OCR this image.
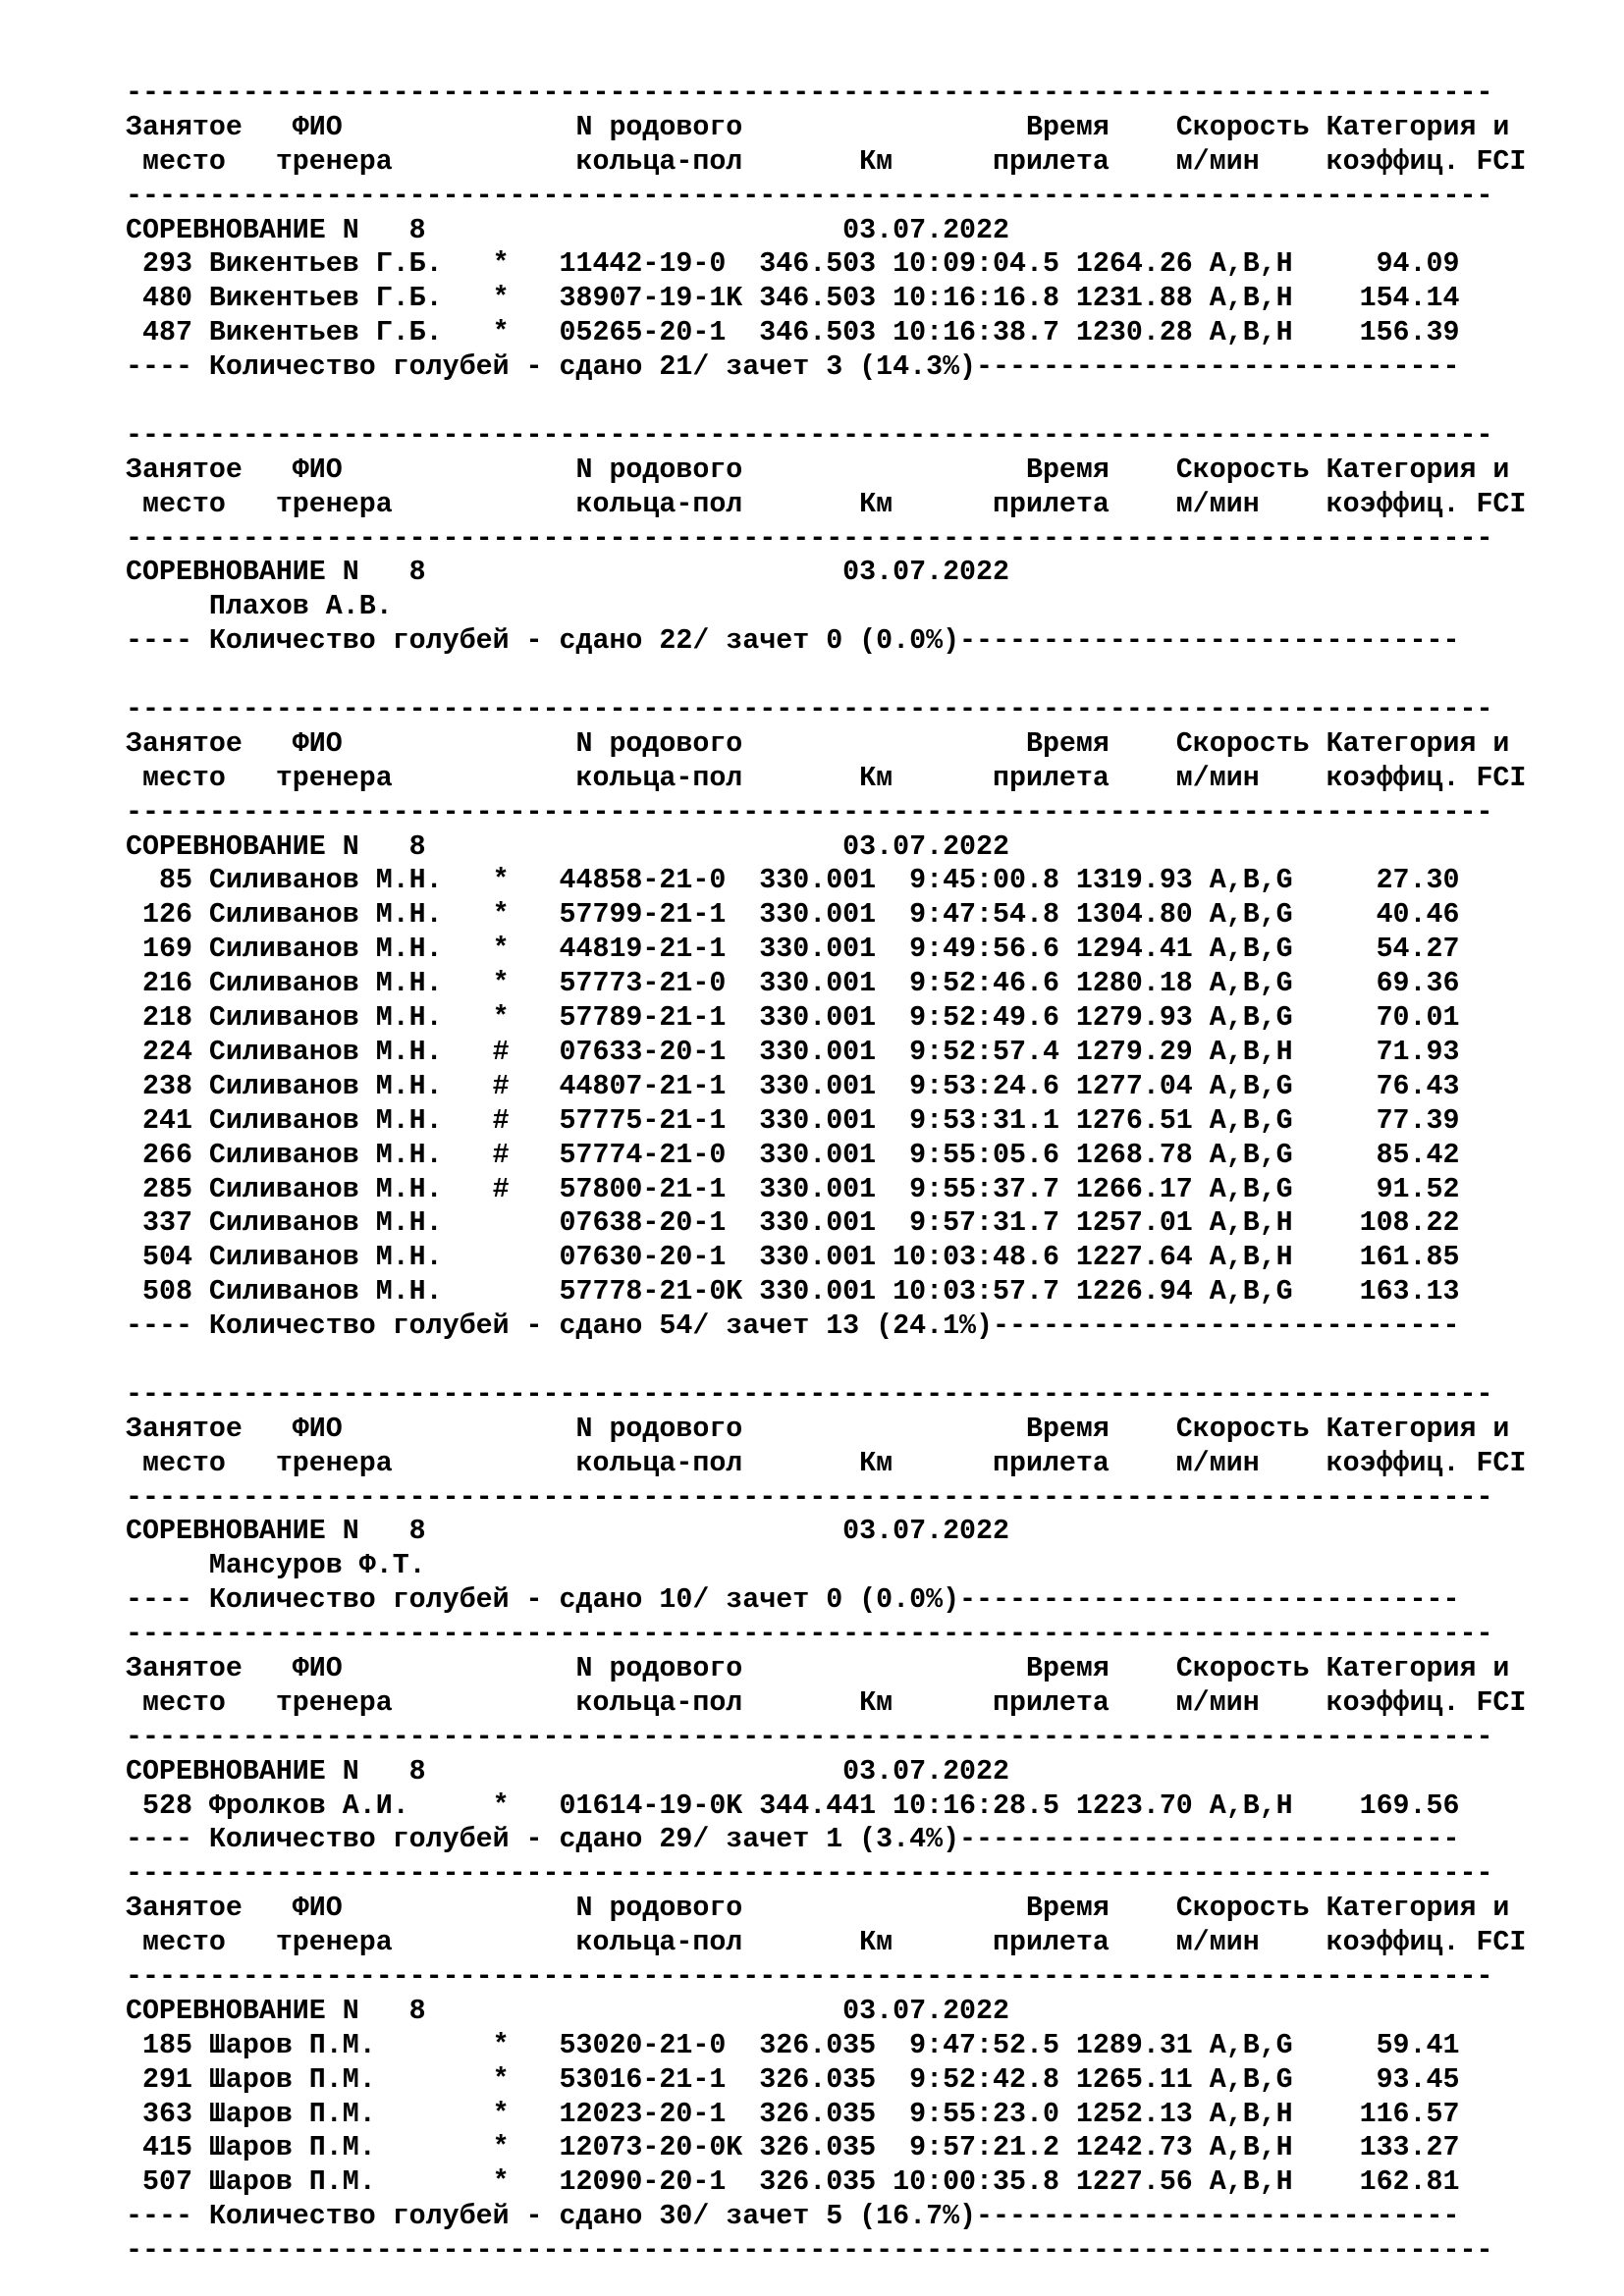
----------------------------------------------------------------------------------
Занятое   ФИО              N родового                 Время    Скорость Категория и
место   тренера           кольца-пол       Км      прилета    м/мин    коэффиц. FCI
----------------------------------------------------------------------------------
СОРЕВНОВАНИЕ N   8                         03.07.2022
293 Викентьев Г.Б.   *   11442-19-0  346.503 10:09:04.5 1264.26 A,B,H     94.09
480 Викентьев Г.Б.   *   38907-19-1K 346.503 10:16:16.8 1231.88 A,B,H    154.14
487 Викентьев Г.Б.   *   05265-20-1  346.503 10:16:38.7 1230.28 A,B,H    156.39
---- Количество голубей - сдано 21/ зачет 3 (14.3%)-----------------------------
----------------------------------------------------------------------------------
Занятое   ФИО              N родового                 Время    Скорость Категория и
место   тренера           кольца-пол       Км      прилета    м/мин    коэффиц. FCI
----------------------------------------------------------------------------------
СОРЕВНОВАНИЕ N   8                         03.07.2022
Плахов А.В.
---- Количество голубей - сдано 22/ зачет 0 (0.0%)------------------------------
----------------------------------------------------------------------------------
Занятое   ФИО              N родового                 Время    Скорость Категория и
место   тренера           кольца-пол       Км      прилета    м/мин    коэффиц. FCI
----------------------------------------------------------------------------------
СОРЕВНОВАНИЕ N   8                         03.07.2022
85 Силиванов М.Н.   *   44858-21-0  330.001  9:45:00.8 1319.93 A,B,G     27.30
126 Силиванов М.Н.   *   57799-21-1  330.001  9:47:54.8 1304.80 A,B,G     40.46
169 Силиванов М.Н.   *   44819-21-1  330.001  9:49:56.6 1294.41 A,B,G     54.27
216 Силиванов М.Н.   *   57773-21-0  330.001  9:52:46.6 1280.18 A,B,G     69.36
218 Силиванов М.Н.   *   57789-21-1  330.001  9:52:49.6 1279.93 A,B,G     70.01
224 Силиванов М.Н.   #   07633-20-1  330.001  9:52:57.4 1279.29 A,B,H     71.93
238 Силиванов М.Н.   #   44807-21-1  330.001  9:53:24.6 1277.04 A,B,G     76.43
241 Силиванов М.Н.   #   57775-21-1  330.001  9:53:31.1 1276.51 A,B,G     77.39
266 Силиванов М.Н.   #   57774-21-0  330.001  9:55:05.6 1268.78 A,B,G     85.42
285 Силиванов М.Н.   #   57800-21-1  330.001  9:55:37.7 1266.17 A,B,G     91.52
337 Силиванов М.Н.       07638-20-1  330.001  9:57:31.7 1257.01 A,B,H    108.22
504 Силиванов М.Н.       07630-20-1  330.001 10:03:48.6 1227.64 A,B,H    161.85
508 Силиванов М.Н.       57778-21-0K 330.001 10:03:57.7 1226.94 A,B,G    163.13
---- Количество голубей - сдано 54/ зачет 13 (24.1%)----------------------------
----------------------------------------------------------------------------------
Занятое   ФИО              N родового                 Время    Скорость Категория и
место   тренера           кольца-пол       Км      прилета    м/мин    коэффиц. FCI
----------------------------------------------------------------------------------
СОРЕВНОВАНИЕ N   8                         03.07.2022
Мансуров Ф.Т.
---- Количество голубей - сдано 10/ зачет 0 (0.0%)------------------------------
----------------------------------------------------------------------------------
Занятое   ФИО              N родового                 Время    Скорость Категория и
место   тренера           кольца-пол       Км      прилета    м/мин    коэффиц. FCI
----------------------------------------------------------------------------------
СОРЕВНОВАНИЕ N   8                         03.07.2022
528 Фролков А.И.     *   01614-19-0K 344.441 10:16:28.5 1223.70 A,B,H    169.56
---- Количество голубей - сдано 29/ зачет 1 (3.4%)------------------------------
----------------------------------------------------------------------------------
Занятое   ФИО              N родового                 Время    Скорость Категория и
место   тренера           кольца-пол       Км      прилета    м/мин    коэффиц. FCI
----------------------------------------------------------------------------------
СОРЕВНОВАНИЕ N   8                         03.07.2022
185 Шаров П.М.       *   53020-21-0  326.035  9:47:52.5 1289.31 A,B,G     59.41
291 Шаров П.М.       *   53016-21-1  326.035  9:52:42.8 1265.11 A,B,G     93.45
363 Шаров П.М.       *   12023-20-1  326.035  9:55:23.0 1252.13 A,B,H    116.57
415 Шаров П.М.       *   12073-20-0K 326.035  9:57:21.2 1242.73 A,B,H    133.27
507 Шаров П.М.       *   12090-20-1  326.035 10:00:35.8 1227.56 A,B,H    162.81
---- Количество голубей - сдано 30/ зачет 5 (16.7%)-----------------------------
----------------------------------------------------------------------------------
